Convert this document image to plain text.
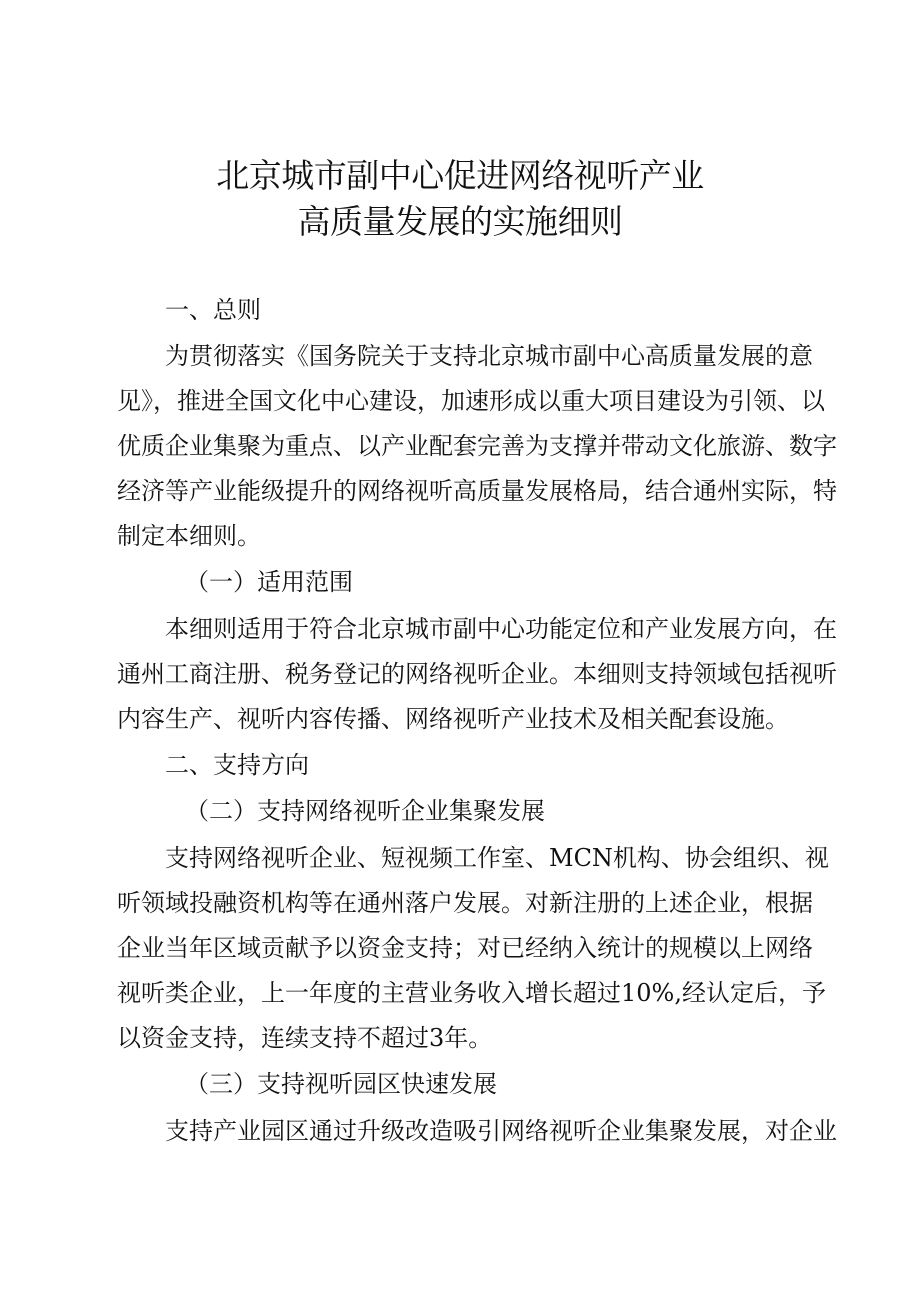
北京城市副中心促进网络视听产业
高质量发展的实施细则
一、总则
为贯彻落实《国务院关于支持北京城市副中心高质量发展的意
见》，推进全国文化中心建设，加速形成以重大项目建设为引领、以
优质企业集聚为重点、以产业配套完善为支撑并带动文化旅游、数字
经济等产业能级提升的网络视听高质量发展格局，结合通州实际，特
制定本细则。
（一）适用范围
本细则适用于符合北京城市副中心功能定位和产业发展方向，在
通州工商注册、税务登记的网络视听企业。本细则支持领域包括视听
内容生产、视听内容传播、网络视听产业技术及相关配套设施。
二、支持方向
（二）支持网络视听企业集聚发展
支持网络视听企业、短视频工作室、MCN机构、协会组织、视
听领域投融资机构等在通州落户发展。对新注册的上述企业，根据
企业当年区域贡献予以资金支持；对已经纳入统计的规模以上网络
视听类企业，上一年度的主营业务收入增长超过10%,经认定后，予
以资金支持，连续支持不超过3年。
（三）支持视听园区快速发展
支持产业园区通过升级改造吸引网络视听企业集聚发展，对企业
